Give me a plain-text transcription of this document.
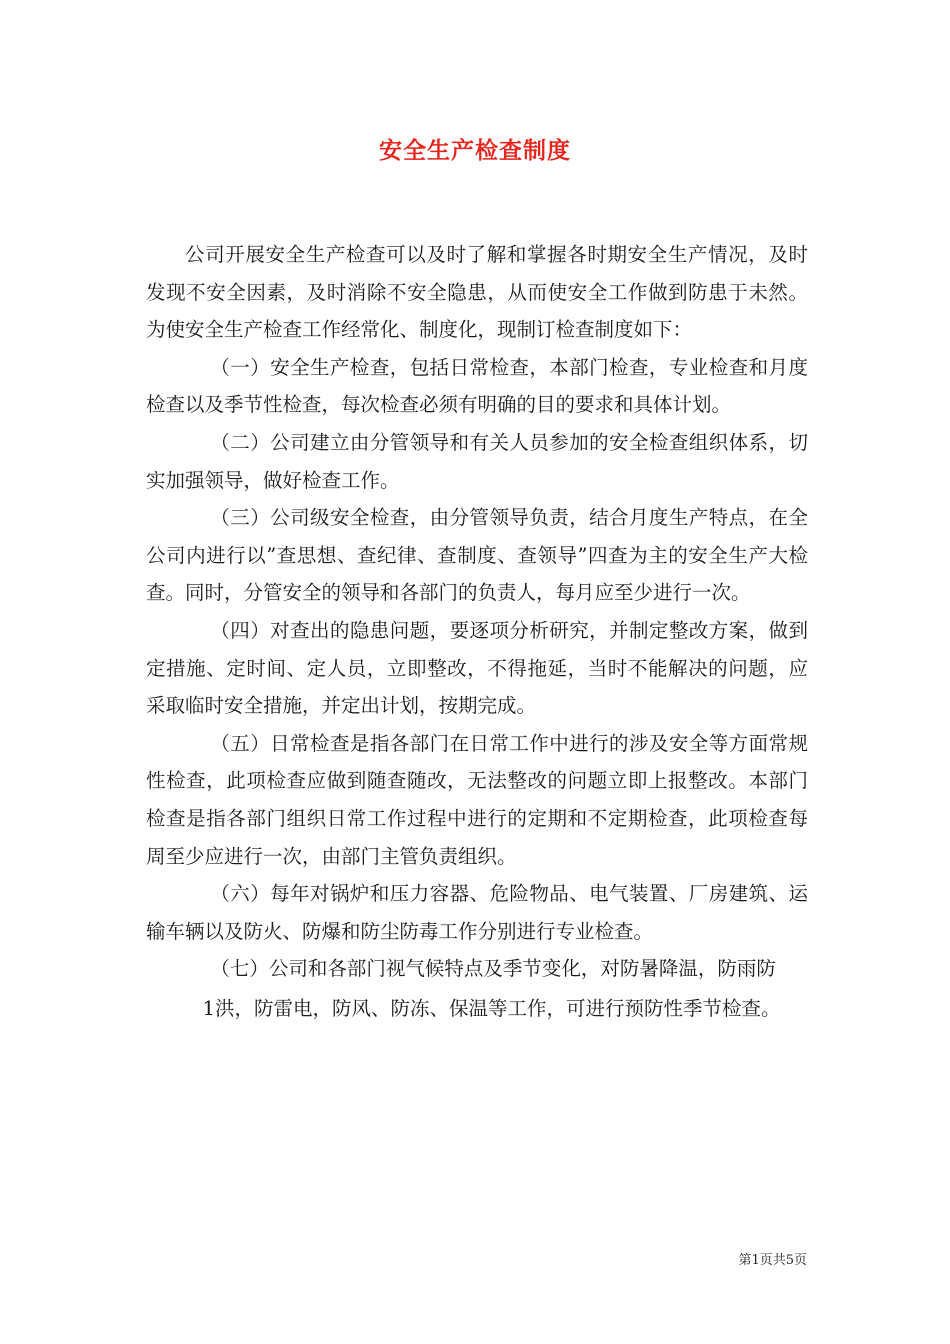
安全生产检查制度

公司开展安全生产检查可以及时了解和掌握各时期安全生产情况，及时发现不安全因素，及时消除不安全隐患，从而使安全工作做到防患于未然。为使安全生产检查工作经常化、制度化，现制订检查制度如下：

（一）安全生产检查，包括日常检查，本部门检查，专业检查和月度检查以及季节性检查，每次检查必须有明确的目的要求和具体计划。

（二）公司建立由分管领导和有关人员参加的安全检查组织体系，切实加强领导，做好检查工作。

（三）公司级安全检查，由分管领导负责，结合月度生产特点，在全公司内进行以”查思想、查纪律、查制度、查领导”四查为主的安全生产大检查。同时，分管安全的领导和各部门的负责人，每月应至少进行一次。

（四）对查出的隐患问题，要逐项分析研究，并制定整改方案，做到定措施、定时间、定人员，立即整改，不得拖延，当时不能解决的问题，应采取临时安全措施，并定出计划，按期完成。

（五）日常检查是指各部门在日常工作中进行的涉及安全等方面常规性检查，此项检查应做到随查随改，无法整改的问题立即上报整改。本部门检查是指各部门组织日常工作过程中进行的定期和不定期检查，此项检查每周至少应进行一次，由部门主管负责组织。

（六）每年对锅炉和压力容器、危险物品、电气装置、厂房建筑、运输车辆以及防火、防爆和防尘防毒工作分别进行专业检查。

（七）公司和各部门视气候特点及季节变化，对防暑降温，防雨防

1洪，防雷电，防风、防冻、保温等工作，可进行预防性季节检查。

第1页共5页
